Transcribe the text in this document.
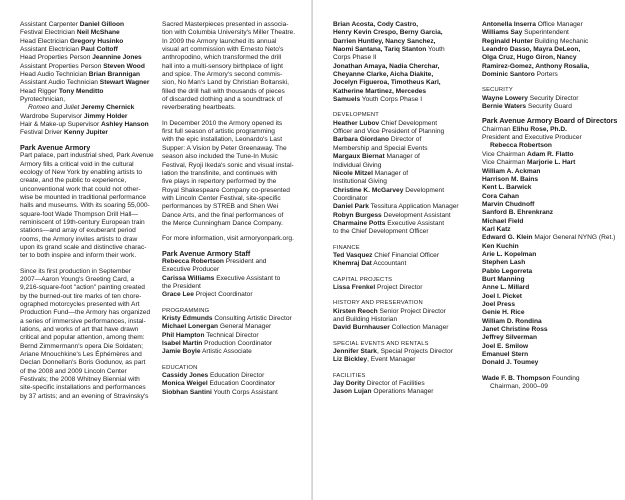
Assistant Carpenter Daniel Gilloon
Festival Electrician Neil McShane
Head Electrician Gregory Husinko
Assistant Electrician Paul Coltoff
Head Properties Person Jeannine Jones
Assistant Properties Person Steven Wood
Head Audio Technician Brian Brannigan
Assistant Audio Technician Stewart Wagner
Head Rigger Tony Menditto
Pyrotechnician,
Romeo and Juliet Jeremy Chernick
Wardrobe Supervisor Jimmy Holder
Hair & Make-up Supervisor Ashley Hanson
Festival Driver Kenny Jupiter
Park Avenue Armory
Part palace, part industrial shed, Park Avenue
Armory fills a critical void in the cultural
ecology of New York by enabling artists to
create, and the public to experience,
unconventional work that could not other-
wise be mounted in traditional performance
halls and museums. With its soaring 55,000-
square-foot Wade Thompson Drill Hall—
reminiscent of 19th-century European train
stations—and array of exuberant period
rooms, the Armory invites artists to draw
upon its grand scale and distinctive charac-
ter to both inspire and inform their work.
Since its first production in September
2007—Aaron Young's Greeting Card, a
9,216-square-foot "action" painting created
by the burned-out tire marks of ten chore-
ographed motorcycles presented with Art
Production Fund—the Armory has organized
a series of immersive performances, instal-
lations, and works of art that have drawn
critical and popular attention, among them:
Bernd Zimmermann's opera Die Soldaten;
Ariane Mnouchkine's Les Éphémères and
Declan Donnellan's Boris Godunov, as part
of the 2008 and 2009 Lincoln Center
Festivals; the 2008 Whitney Biennial with
site-specific installations and performances
by 37 artists; and an evening of Stravinsky's
Sacred Masterpieces presented in associa-
tion with Columbia University's Miller Theatre.
In 2009 the Armory launched its annual
visual art commission with Ernesto Neto's
anthropodino, which transformed the drill
hall into a multi-sensory birthplace of light
and spice. The Armory's second commis-
sion, No Man's Land by Christian Boltanski,
filled the drill hall with thousands of pieces
of discarded clothing and a soundtrack of
reverberating heartbeats.
In December 2010 the Armory opened its
first full season of artistic programming
with the epic installation, Leonardo's Last
Supper: A Vision by Peter Greenaway. The
season also included the Tune-In Music
Festival, Ryoji Ikeda's sonic and visual instal-
lation the transfinite, and continues with
five plays in repertory performed by the
Royal Shakespeare Company co-presented
with Lincoln Center Festival, site-specific
performances by STREB and Shen Wei
Dance Arts, and the final performances of
the Merce Cunningham Dance Company.
For more information, visit armoryonpark.org.
Park Avenue Armory Staff
Rebecca Robertson President and
Executive Producer
Carissa Williams Executive Assistant to
the President
Grace Lee Project Coordinator
PROGRAMMING
Kristy Edmunds Consulting Artistic Director
Michael Lonergan General Manager
Phil Hampton Technical Director
Isabel Martin Production Coordinator
Jamie Boyle Artistic Associate
EDUCATION
Cassidy Jones Education Director
Monica Weigel Education Coordinator
Siobhan Santini Youth Corps Assistant
Brian Acosta, Cody Castro,
Henry Kevin Crespo, Berny Garcia,
Darrien Huntley, Nancy Sanchez,
Naomi Santana, Tariq Stanton Youth
Corps Phase II
Jonathan Amaya, Nadia Cherchar,
Cheyanne Clarke, Aicha Diakite,
Jocelyn Figueroa, Timotheus Karl,
Katherine Martinez, Mercedes
Samuels Youth Corps Phase I
DEVELOPMENT
Heather Lubov Chief Development
Officer and Vice President of Planning
Barbara Giordano Director of
Membership and Special Events
Margaux Biernat Manager of
Individual Giving
Nicole Mitzel Manager of
Institutional Giving
Christine K. McGarvey Development
Coordinator
Daniel Park Tessitura Application Manager
Robyn Burgess Development Assistant
Charmaine Potts Executive Assistant
to the Chief Development Officer
FINANCE
Ted Vasquez Chief Financial Officer
Khemraj Dat Accountant
CAPITAL PROJECTS
Lissa Frenkel Project Director
HISTORY AND PRESERVATION
Kirsten Reoch Senior Project Director
and Building Historian
David Burnhauser Collection Manager
SPECIAL EVENTS AND RENTALS
Jennifer Stark, Special Projects Director
Liz Bickley, Event Manager
FACILITIES
Jay Dority Director of Facilities
Jason Lujan Operations Manager
Antonella Inserra Office Manager
Williams Say Superintendent
Reginald Hunter Building Mechanic
Leandro Dasso, Mayra DeLeon,
Olga Cruz, Hugo Giron, Nancy
Ramirez-Gomez, Anthony Rosalia,
Dominic Santoro Porters
SECURITY
Wayne Lowery Security Director
Bernie Waters Security Guard
Park Avenue Armory Board of Directors
Chairman Elihu Rose, Ph.D.
President and Executive Producer
Rebecca Robertson
Vice Chairman Adam R. Flatto
Vice Chairman Marjorie L. Hart
William A. Ackman
Harrison M. Bains
Kent L. Barwick
Cora Cahan
Marvin Chudnoff
Sanford B. Ehrenkranz
Michael Field
Karl Katz
Edward G. Klein Major General NYNG (Ret.)
Ken Kuchin
Arie L. Kopelman
Stephen Lash
Pablo Legorreta
Burt Manning
Anne L. Millard
Joel I. Picket
Joel Press
Genie H. Rice
William D. Rondina
Janet Christine Ross
Jeffrey Silverman
Joel E. Smilow
Emanuel Stern
Donald J. Toumey
Wade F. B. Thompson Founding
Chairman, 2000–09
